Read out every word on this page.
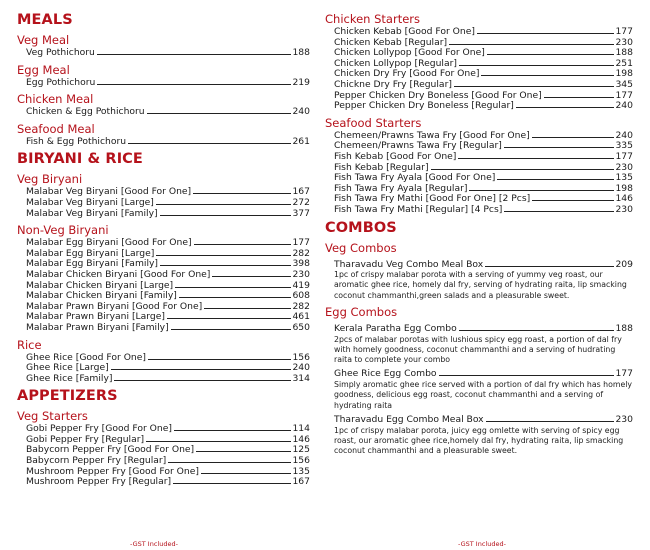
MEALS
Veg Meal
Veg Pothichoru	188
Egg Meal
Egg Pothichoru	219
Chicken Meal
Chicken & Egg Pothichoru	240
Seafood Meal
Fish & Egg Pothichoru	261
BIRYANI & RICE
Veg Biryani
Malabar Veg Biryani [Good For One]	167
Malabar Veg Biryani [Large]	272
Malabar Veg Biryani [Family]	377
Non-Veg Biryani
Malabar Egg Biryani [Good For One]	177
Malabar Egg Biryani [Large]	282
Malabar Egg Biryani [Family]	398
Malabar Chicken Biryani [Good For One]	230
Malabar Chicken Biryani [Large]	419
Malabar Chicken Biryani [Family]	608
Malabar Prawn Biryani [Good For One]	282
Malabar Prawn Biryani [Large]	461
Malabar Prawn Biryani [Family]	650
Rice
Ghee Rice [Good For One]	156
Ghee Rice [Large]	240
Ghee Rice [Family]	314
APPETIZERS
Veg Starters
Gobi Pepper Fry [Good For One]	114
Gobi Pepper Fry [Regular]	146
Babycorn Pepper Fry [Good For One]	125
Babycorn Pepper Fry [Regular]	156
Mushroom Pepper Fry [Good For One]	135
Mushroom Pepper Fry [Regular]	167
Chicken Starters
Chicken Kebab [Good For One]	177
Chicken Kebab [Regular]	230
Chicken Lollypop [Good For One]	188
Chicken Lollypop [Regular]	251
Chicken Dry Fry [Good For One]	198
Chickne Dry Fry [Regular]	345
Pepper Chicken Dry Boneless [Good For One]	177
Pepper Chicken Dry Boneless [Regular]	240
Seafood Starters
Chemeen/Prawns Tawa Fry [Good For One]	240
Chemeen/Prawns Tawa Fry [Regular]	335
Fish Kebab [Good For One]	177
Fish Kebab [Regular]	230
Fish Tawa Fry Ayala [Good For One]	135
Fish Tawa Fry Ayala [Regular]	198
Fish Tawa Fry Mathi [Good For One] [2 Pcs]	146
Fish Tawa Fry Mathi [Regular] [4 Pcs]	230
COMBOS
Veg Combos
Tharavadu Veg Combo Meal Box	209
1pc of crispy malabar porota with a serving of yummy veg roast, our aromatic ghee rice, homely dal fry, serving of hydrating raita, lip smacking coconut chammanthi,green salads and a pleasurable sweet.
Egg Combos
Kerala Paratha Egg Combo	188
2pcs of malabar porotas with lushious spicy egg roast, a portion of dal fry with homely goodness, coconut chammanthi and a serving of hudrating raita to complete your combo
Ghee Rice Egg Combo	177
Simply aromatic ghee rice served with a portion of dal fry which has homely goodness, delicious egg roast, coconut chammanthi and a serving of hydrating raita
Tharavadu Egg Combo Meal Box	230
1pc of crispy malabar porota, juicy egg omlette with serving of spicy egg roast, our aromatic ghee rice,homely dal fry, hydrating raita, lip smacking coconut chammanthi and a pleasurable sweet.
-GST Included-	-GST Included-
